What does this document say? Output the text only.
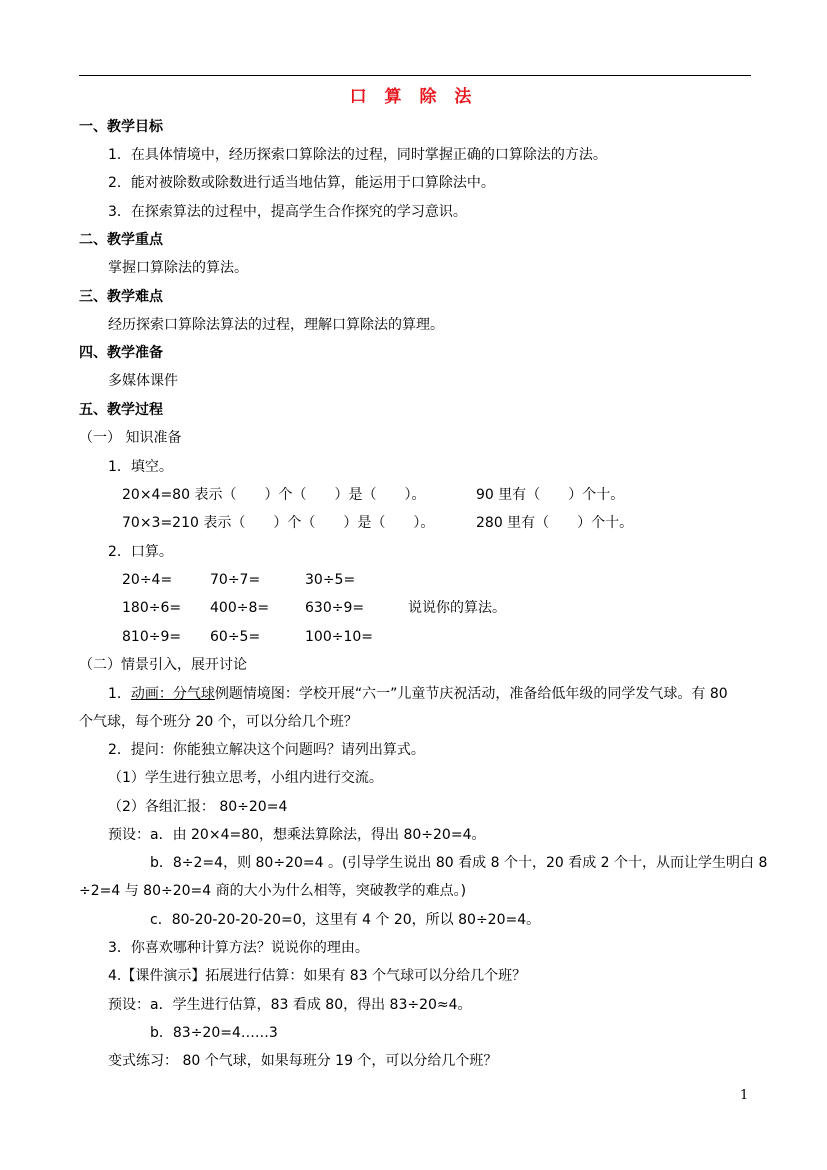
口 算 除 法
一、教学目标
1．在具体情境中，经历探索口算除法的过程，同时掌握正确的口算除法的方法。
2．能对被除数或除数进行适当地估算，能运用于口算除法中。
3．在探索算法的过程中，提高学生合作探究的学习意识。
二、教学重点
掌握口算除法的算法。
三、教学难点
经历探索口算除法算法的过程，理解口算除法的算理。
四、教学准备
多媒体课件
五、教学过程
（一） 知识准备
1．填空。
20×4=80 表示（　　）个（　　）是（　　）。	90 里有（　　）个十。
70×3=210 表示（　　）个（　　）是（　　）。	280 里有（　　）个十。
2．口算。
20÷4=	70÷7=	30÷5=
180÷6= 400÷8=	630÷9=	说说你的算法。
810÷9= 60÷5=	100÷10=
（二）情景引入，展开讨论
1．动画：分气球例题情境图：学校开展“六一”儿童节庆祝活动，准备给低年级的同学发气球。有 80
个气球，每个班分 20 个，可以分给几个班？
2．提问：你能独立解决这个问题吗？请列出算式。
（1）学生进行独立思考，小组内进行交流。
（2）各组汇报： 80÷20=4
预设：a．由 20×4=80，想乘法算除法，得出 80÷20=4。
b．8÷2=4，则 80÷20=4 。(引导学生说出 80 看成 8 个十，20 看成 2 个十，从而让学生明白 8
÷2=4 与 80÷20=4 商的大小为什么相等，突破教学的难点。)
c．80-20-20-20-20=0，这里有 4 个 20，所以 80÷20=4。
3．你喜欢哪种计算方法？说说你的理由。
4.【课件演示】拓展进行估算：如果有 83 个气球可以分给几个班？
预设：a．学生进行估算，83 看成 80，得出 83÷20≈4。
b．83÷20=4……3
变式练习： 80 个气球，如果每班分 19 个，可以分给几个班？
1
